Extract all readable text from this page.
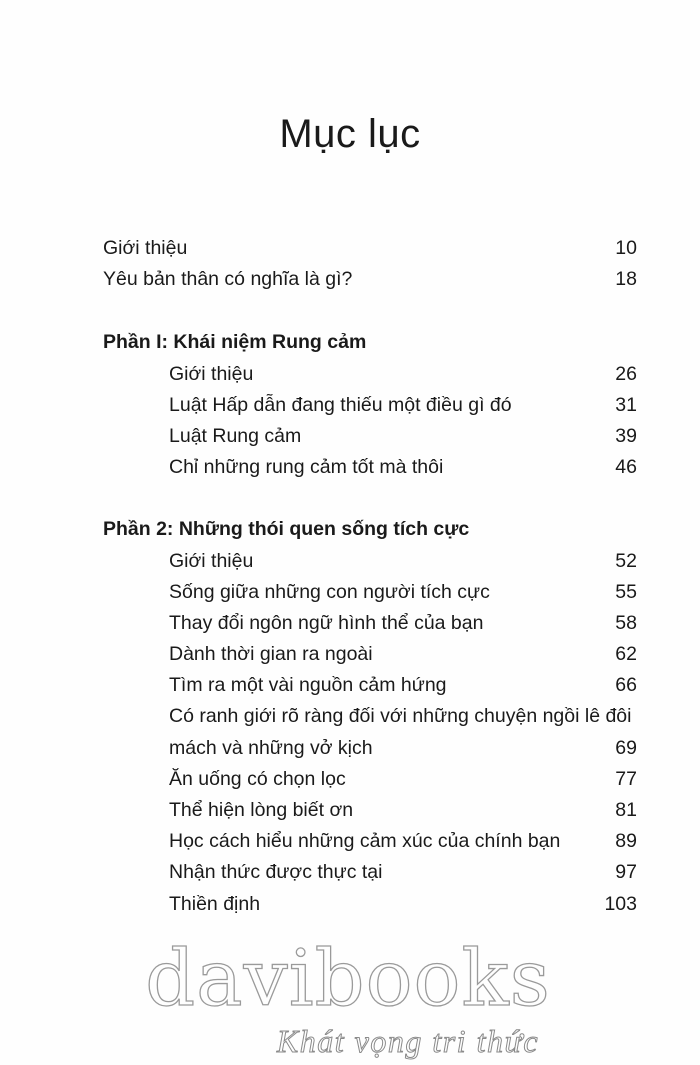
Mục lục
Giới thiệu	10
Yêu bản thân có nghĩa là gì?	18
Phần I: Khái niệm Rung cảm
Giới thiệu	26
Luật Hấp dẫn đang thiếu một điều gì đó	31
Luật Rung cảm	39
Chỉ những rung cảm tốt mà thôi	46
Phần 2: Những thói quen sống tích cực
Giới thiệu	52
Sống giữa những con người tích cực	55
Thay đổi ngôn ngữ hình thể của bạn	58
Dành thời gian ra ngoài	62
Tìm ra một vài nguồn cảm hứng	66
Có ranh giới rõ ràng đối với những chuyện ngồi lê đôi
mách và những vở kịch	69
Ăn uống có chọn lọc	77
Thể hiện lòng biết ơn	81
Học cách hiểu những cảm xúc của chính bạn	89
Nhận thức được thực tại	97
Thiền định	103
davibooks
Khát vọng tri thức
